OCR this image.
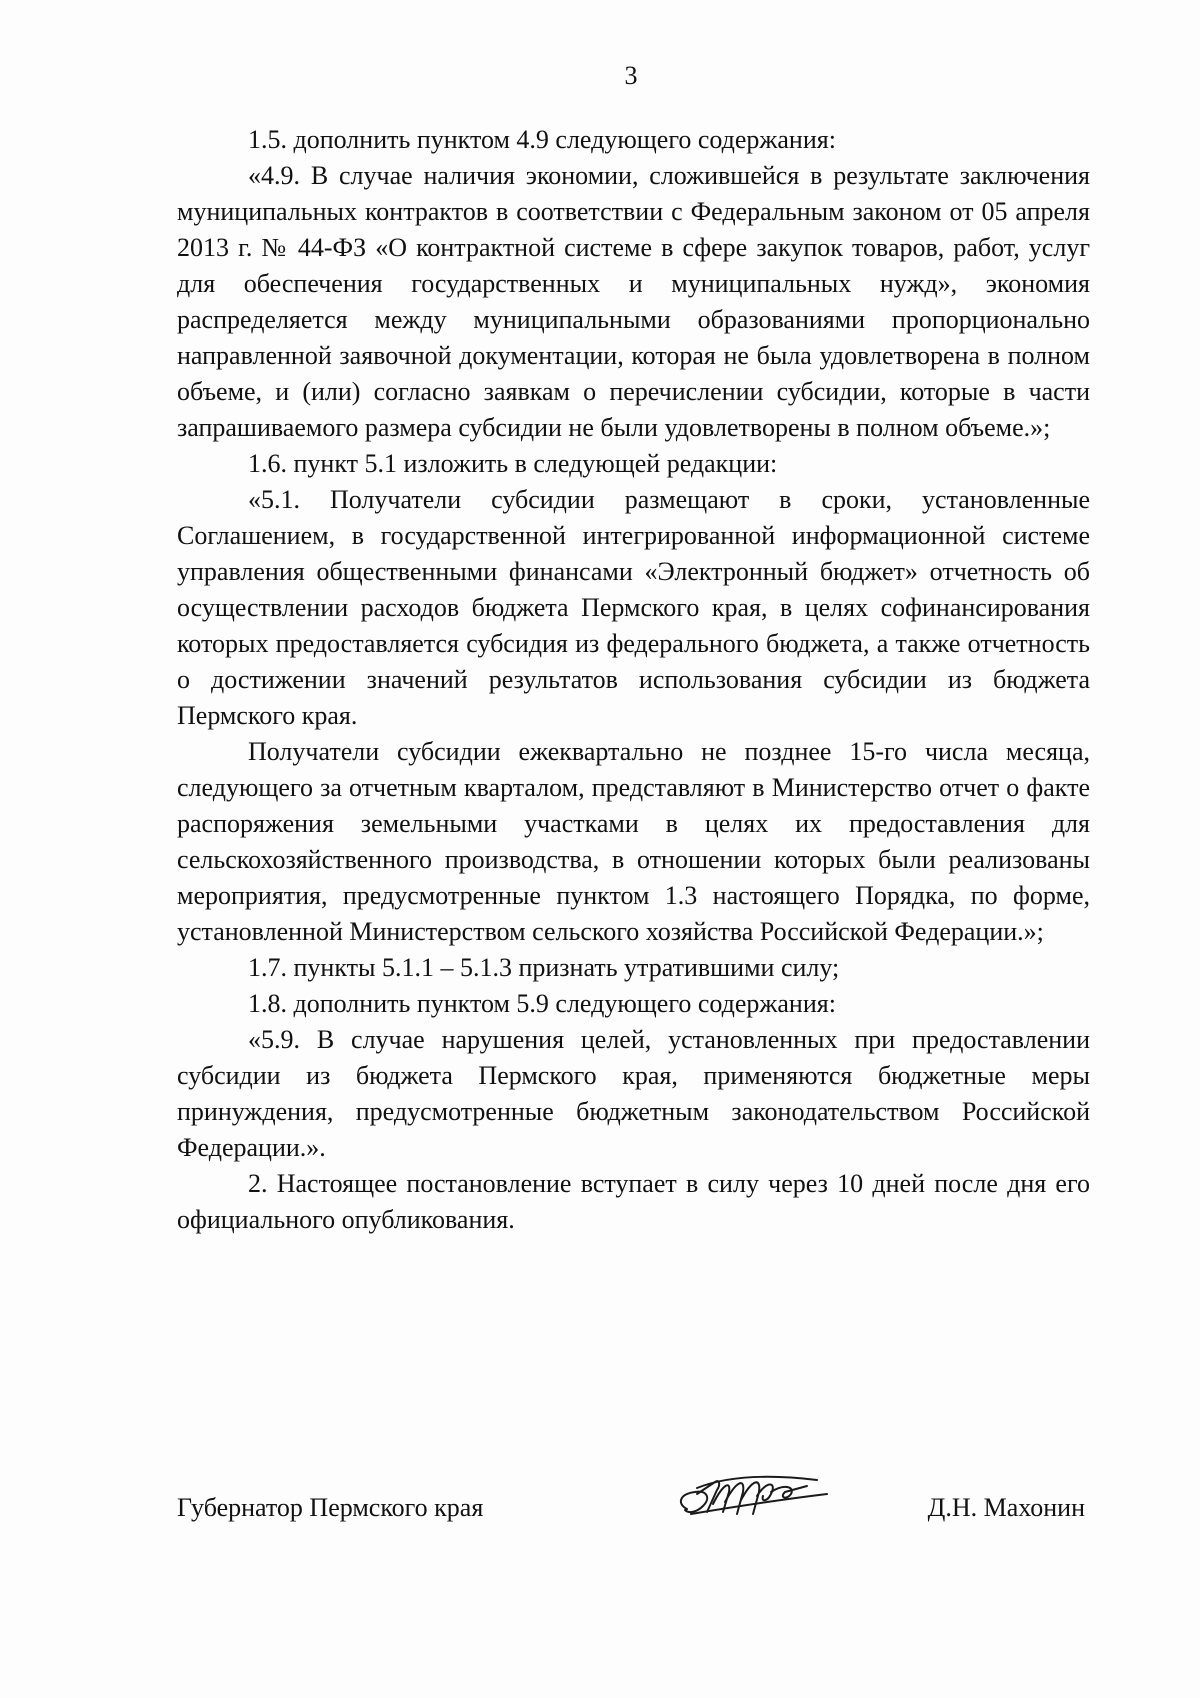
3

1.5. дополнить пунктом 4.9 следующего содержания:

«4.9. В случае наличия экономии, сложившейся в результате заключения муниципальных контрактов в соответствии с Федеральным законом от 05 апреля 2013 г. № 44-ФЗ «О контрактной системе в сфере закупок товаров, работ, услуг для обеспечения государственных и муниципальных нужд», экономия распределяется между муниципальными образованиями пропорционально направленной заявочной документации, которая не была удовлетворена в полном объеме, и (или) согласно заявкам о перечислении субсидии, которые в части запрашиваемого размера субсидии не были удовлетворены в полном объеме.»;

1.6. пункт 5.1 изложить в следующей редакции:

«5.1. Получатели субсидии размещают в сроки, установленные Соглашением, в государственной интегрированной информационной системе управления общественными финансами «Электронный бюджет» отчетность об осуществлении расходов бюджета Пермского края, в целях софинансирования которых предоставляется субсидия из федерального бюджета, а также отчетность о достижении значений результатов использования субсидии из бюджета Пермского края.

Получатели субсидии ежеквартально не позднее 15-го числа месяца, следующего за отчетным кварталом, представляют в Министерство отчет о факте распоряжения земельными участками в целях их предоставления для сельскохозяйственного производства, в отношении которых были реализованы мероприятия, предусмотренные пунктом 1.3 настоящего Порядка, по форме, установленной Министерством сельского хозяйства Российской Федерации.»;

1.7. пункты 5.1.1 – 5.1.3 признать утратившими силу;

1.8. дополнить пунктом 5.9 следующего содержания:

«5.9. В случае нарушения целей, установленных при предоставлении субсидии из бюджета Пермского края, применяются бюджетные меры принуждения, предусмотренные бюджетным законодательством Российской Федерации.».

2. Настоящее постановление вступает в силу через 10 дней после дня его официального опубликования.

Губернатор Пермского края	Д.Н. Махонин
